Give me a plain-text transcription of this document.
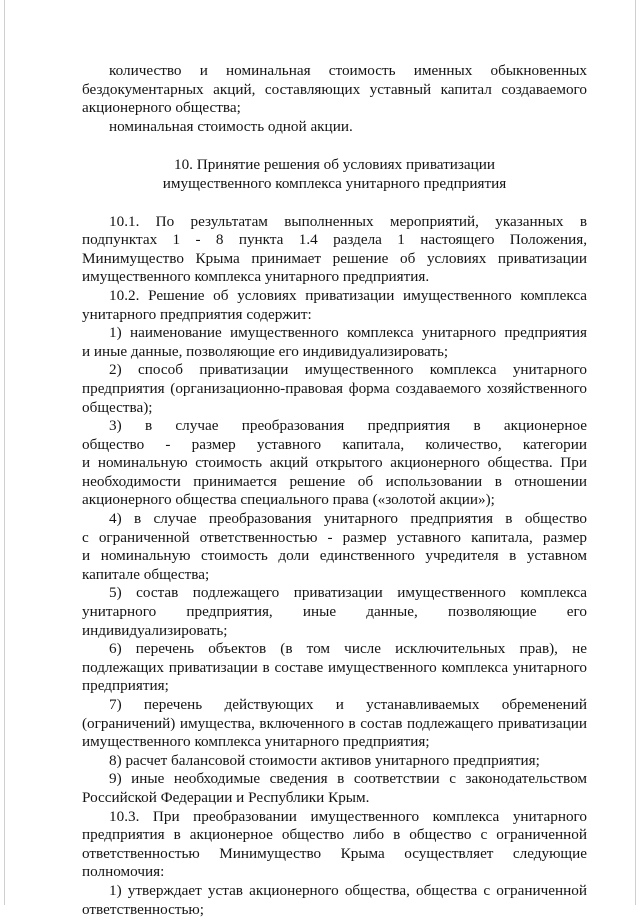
количество и номинальная стоимость именных обыкновенных

бездокументарных акций, составляющих уставный капитал создаваемого

акционерного общества;

номинальная стоимость одной акции.

10. Принятие решения об условиях приватизации

имущественного комплекса унитарного предприятия

10.1. По результатам выполненных мероприятий, указанных в

подпунктах 1 - 8 пункта 1.4 раздела 1 настоящего Положения,

Минимущество Крыма принимает решение об условиях приватизации

имущественного комплекса унитарного предприятия.

10.2. Решение об условиях приватизации имущественного комплекса

унитарного предприятия содержит:

1) наименование имущественного комплекса унитарного предприятия

и иные данные, позволяющие его индивидуализировать;

2) способ приватизации имущественного комплекса унитарного

предприятия (организационно-правовая форма создаваемого хозяйственного

общества);

3) в случае преобразования предприятия в акционерное

общество - размер уставного капитала, количество, категории

и номинальную стоимость акций открытого акционерного общества. При

необходимости принимается решение об использовании в отношении

акционерного общества специального права («золотой акции»);

4) в случае преобразования унитарного предприятия в общество

с ограниченной ответственностью - размер уставного капитала, размер

и номинальную стоимость доли единственного учредителя в уставном

капитале общества;

5) состав подлежащего приватизации имущественного комплекса

унитарного предприятия, иные данные, позволяющие его

индивидуализировать;

6) перечень объектов (в том числе исключительных прав), не

подлежащих приватизации в составе имущественного комплекса унитарного

предприятия;

7) перечень действующих и устанавливаемых обременений

(ограничений) имущества, включенного в состав подлежащего приватизации

имущественного комплекса унитарного предприятия;

8) расчет балансовой стоимости активов унитарного предприятия;

9) иные необходимые сведения в соответствии с законодательством

Российской Федерации и Республики Крым.

10.3. При преобразовании имущественного комплекса унитарного

предприятия в акционерное общество либо в общество с ограниченной

ответственностью Минимущество Крыма осуществляет следующие

полномочия:

1) утверждает устав акционерного общества, общества с ограниченной

ответственностью;
